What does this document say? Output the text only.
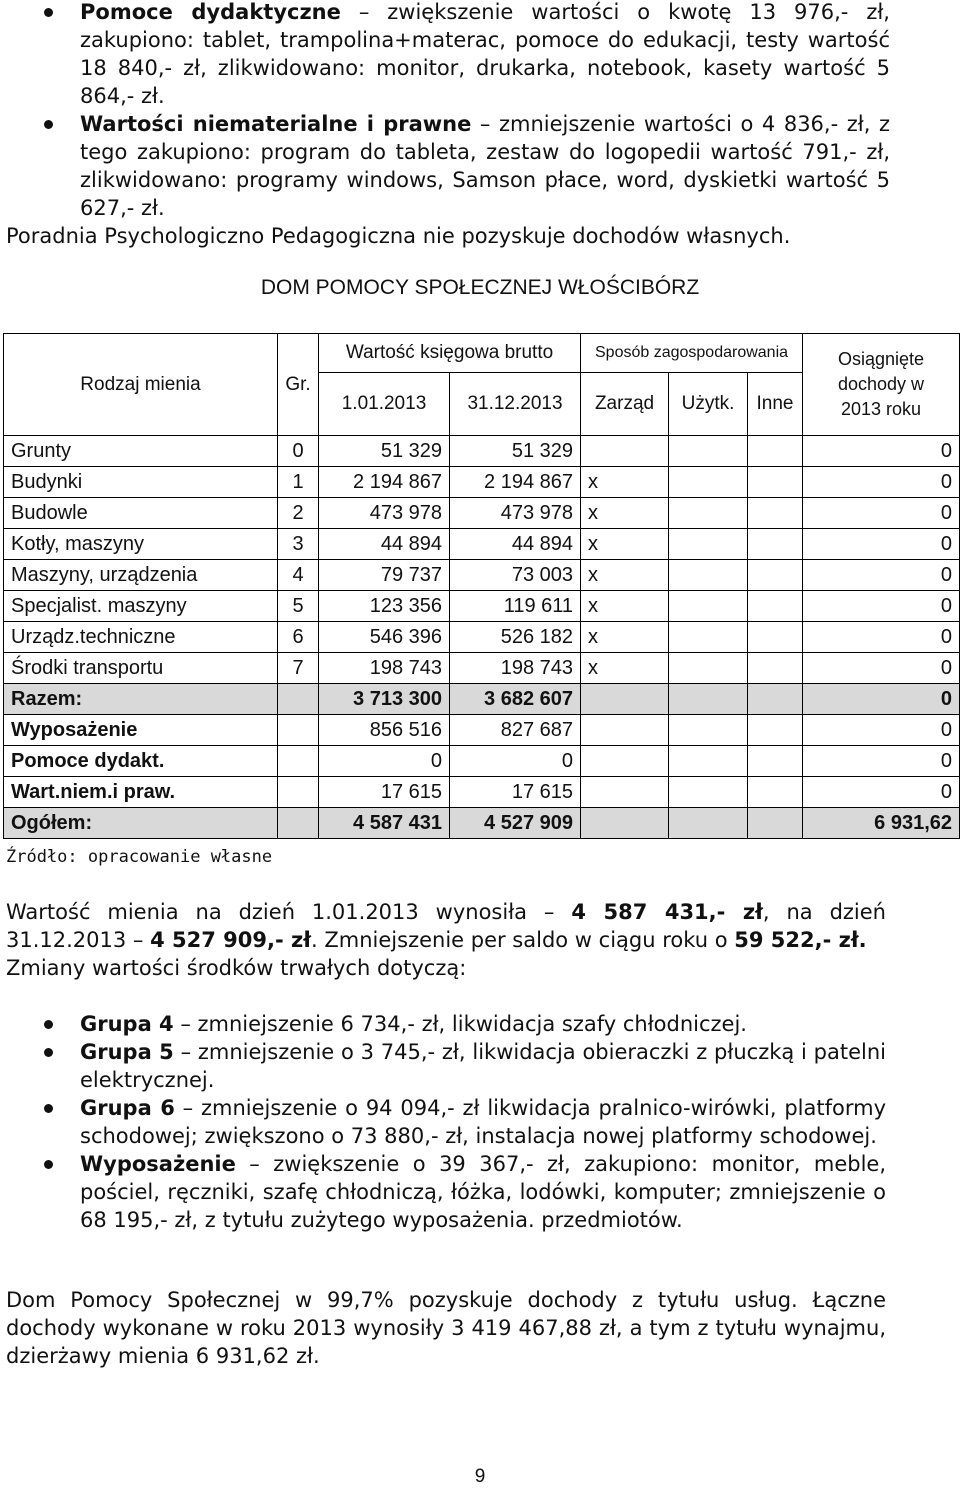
Pomoce dydaktyczne – zwiększenie wartości o kwotę 13 976,- zł, zakupiono: tablet, trampolina+materac, pomoce do edukacji, testy wartość 18 840,- zł, zlikwidowano: monitor, drukarka, notebook, kasety wartość 5 864,- zł.

Wartości niematerialne i prawne – zmniejszenie wartości o 4 836,- zł, z tego zakupiono: program do tableta, zestaw do logopedii wartość 791,- zł, zlikwidowano: programy windows, Samson płace, word, dyskietki wartość 5 627,- zł.

Poradnia Psychologiczno Pedagogiczna nie pozyskuje dochodów własnych.

DOM POMOCY SPOŁECZNEJ WŁOŚCIBÓRZ
Rodzaj mienia	Gr.	Wartość księgowa brutto		Sposób zagospodarowania			Osiągnięte dochody w 2013 roku
		1.01.2013	31.12.2013	Zarząd	Użytk.	Inne	
Grunty	0	51 329	51 329				0
Budynki	1	2 194 867	2 194 867	x			0
Budowle	2	473 978	473 978	x			0
Kotły, maszyny	3	44 894	44 894	x			0
Maszyny, urządzenia	4	79 737	73 003	x			0
Specjalist. maszyny	5	123 356	119 611	x			0
Urządz.techniczne	6	546 396	526 182	x			0
Środki transportu	7	198 743	198 743	x			0
Razem:		3 713 300	3 682 607				0
Wyposażenie		856 516	827 687				0
Pomoce dydakt.		0	0				0
Wart.niem.i praw.		17 615	17 615				0
Ogółem:		4 587 431	4 527 909				6 931,62
Źródło: opracowanie własne

Wartość mienia na dzień 1.01.2013 wynosiła – 4 587 431,- zł, na dzień 31.12.2013 – 4 527 909,- zł. Zmniejszenie per saldo w ciągu roku o 59 522,- zł.

Zmiany wartości środków trwałych dotyczą:

Grupa 4 – zmniejszenie 6 734,- zł, likwidacja szafy chłodniczej.

Grupa 5 – zmniejszenie o 3 745,- zł, likwidacja obieraczki z płuczką i patelni elektrycznej.

Grupa 6 – zmniejszenie o 94 094,- zł likwidacja pralnico-wirówki, platformy schodowej; zwiększono o 73 880,- zł, instalacja nowej platformy schodowej.

Wyposażenie – zwiększenie o 39 367,- zł, zakupiono: monitor, meble, pościel, ręczniki, szafę chłodniczą, łóżka, lodówki, komputer; zmniejszenie o 68 195,- zł, z tytułu zużytego wyposażenia. przedmiotów.

Dom Pomocy Społecznej w 99,7% pozyskuje dochody z tytułu usług. Łączne dochody wykonane w roku 2013 wynosiły 3 419 467,88 zł, a tym z tytułu wynajmu, dzierżawy mienia 6 931,62 zł.

9
